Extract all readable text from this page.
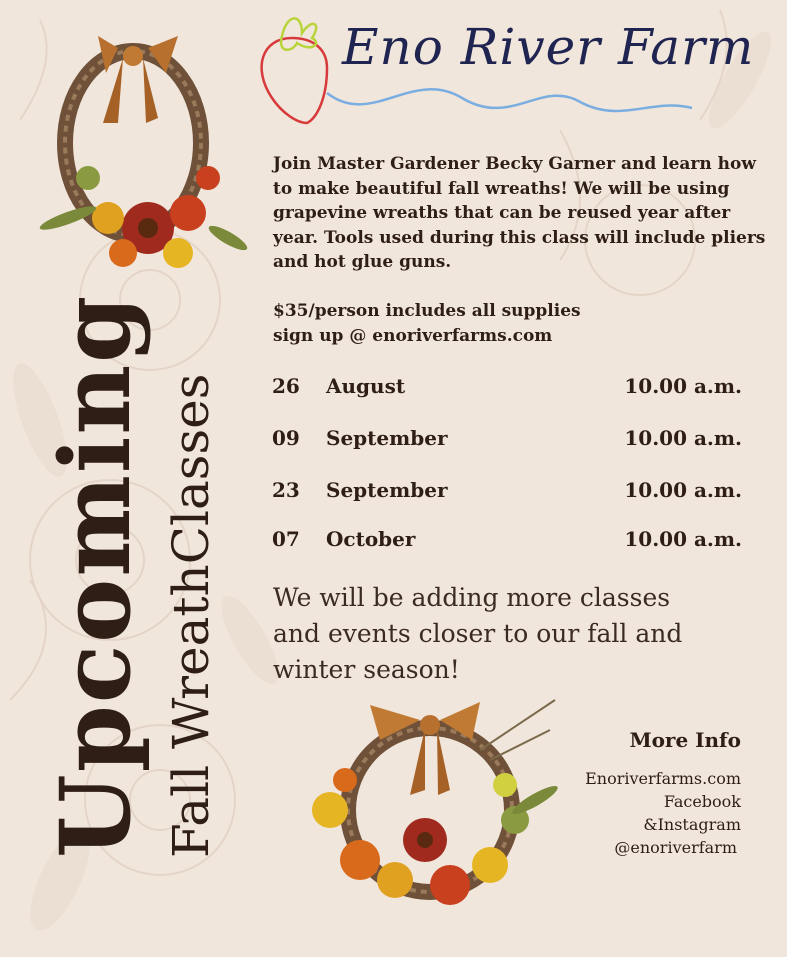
Eno River Farm
Upcoming Fall WreathClasses

Join Master Gardener Becky Garner and learn how to make beautiful fall wreaths! We will be using grapevine wreaths that can be reused year after year. Tools used during this class will include pliers and hot glue guns.

$35/person includes all supplies
sign up @ enoriverfarms.com
26 August	10.00 a.m.
09 September	10.00 a.m.
23 September	10.00 a.m.
07 October	10.00 a.m.
We will be adding more classes and events closer to our fall and winter season!
More Info
Enoriverfarms.com
Facebook
&Instagram
@enoriverfarm
